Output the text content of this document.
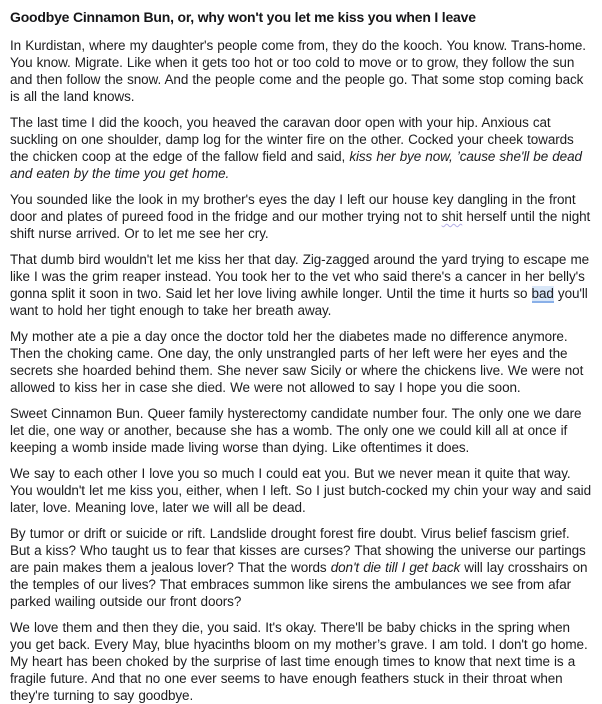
Goodbye Cinnamon Bun, or, why won't you let me kiss you when I leave

In Kurdistan, where my daughter's people come from, they do the kooch. You know. Trans-home. You know. Migrate. Like when it gets too hot or too cold to move or to grow, they follow the sun and then follow the snow. And the people come and the people go. That some stop coming back is all the land knows.

The last time I did the kooch, you heaved the caravan door open with your hip. Anxious cat suckling on one shoulder, damp log for the winter fire on the other. Cocked your cheek towards the chicken coop at the edge of the fallow field and said, kiss her bye now, ’cause she'll be dead and eaten by the time you get home.

You sounded like the look in my brother's eyes the day I left our house key dangling in the front door and plates of pureed food in the fridge and our mother trying not to shit herself until the night shift nurse arrived. Or to let me see her cry.

That dumb bird wouldn't let me kiss her that day. Zig-zagged around the yard trying to escape me like I was the grim reaper instead. You took her to the vet who said there's a cancer in her belly's gonna split it soon in two. Said let her love living awhile longer. Until the time it hurts so bad you'll want to hold her tight enough to take her breath away.

My mother ate a pie a day once the doctor told her the diabetes made no difference anymore. Then the choking came. One day, the only unstrangled parts of her left were her eyes and the secrets she hoarded behind them. She never saw Sicily or where the chickens live. We were not allowed to kiss her in case she died. We were not allowed to say I hope you die soon.

Sweet Cinnamon Bun. Queer family hysterectomy candidate number four. The only one we dare let die, one way or another, because she has a womb. The only one we could kill all at once if keeping a womb inside made living worse than dying. Like oftentimes it does.

We say to each other I love you so much I could eat you. But we never mean it quite that way. You wouldn't let me kiss you, either, when I left. So I just butch-cocked my chin your way and said later, love. Meaning love, later we will all be dead.

By tumor or drift or suicide or rift. Landslide drought forest fire doubt. Virus belief fascism grief. But a kiss? Who taught us to fear that kisses are curses? That showing the universe our partings are pain makes them a jealous lover? That the words don't die till I get back will lay crosshairs on the temples of our lives? That embraces summon like sirens the ambulances we see from afar parked wailing outside our front doors?

We love them and then they die, you said. It's okay. There'll be baby chicks in the spring when you get back. Every May, blue hyacinths bloom on my mother’s grave. I am told. I don't go home. My heart has been choked by the surprise of last time enough times to know that next time is a fragile future. And that no one ever seems to have enough feathers stuck in their throat when they're turning to say goodbye.
